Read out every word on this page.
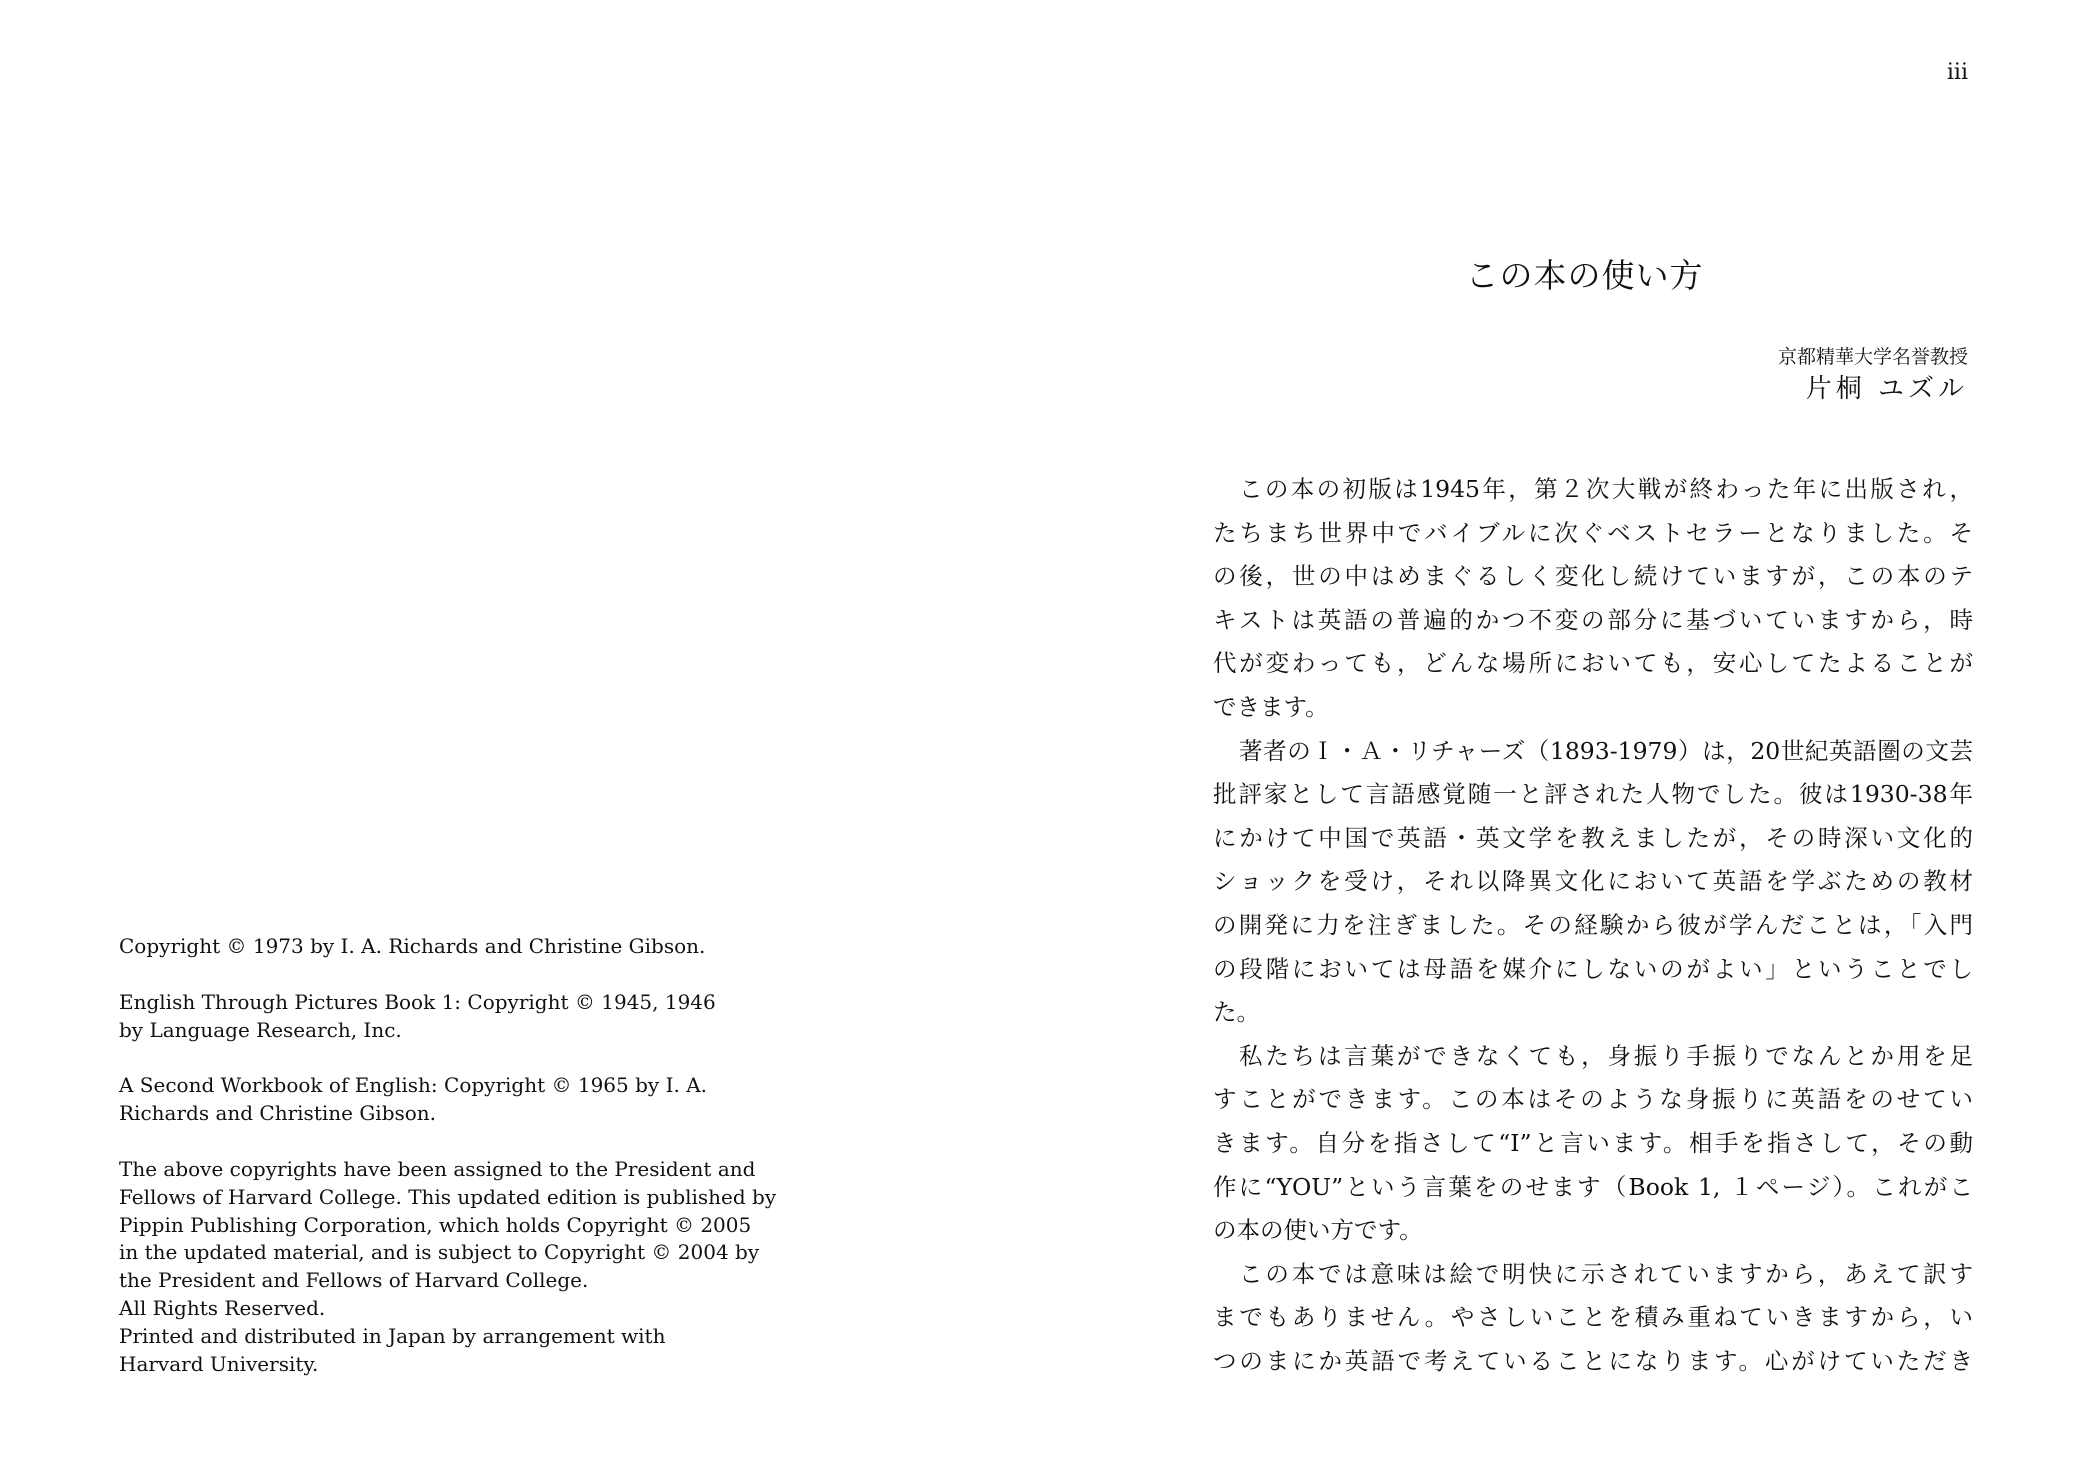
Copyright © 1973 by I. A. Richards and Christine Gibson.

English Through Pictures Book 1: Copyright © 1945, 1946
by Language Research, Inc.

A Second Workbook of English: Copyright © 1965 by I. A.
Richards and Christine Gibson.

The above copyrights have been assigned to the President and
Fellows of Harvard College. This updated edition is published by
Pippin Publishing Corporation, which holds Copyright © 2005
in the updated material, and is subject to Copyright © 2004 by
the President and Fellows of Harvard College.
All Rights Reserved.
Printed and distributed in Japan by arrangement with
Harvard University.

iii
この本の使い方
京都精華大学名誉教授
片桐 ユズル
この本の初版は1945年，第２次大戦が終わった年に出版され，
たちまち世界中でバイブルに次ぐベストセラーとなりました。そ
の後，世の中はめまぐるしく変化し続けていますが，この本のテ
キストは英語の普遍的かつ不変の部分に基づいていますから，時
代が変わっても，どんな場所においても，安心してたよることが
できます。
著者のＩ・Ａ・リチャーズ（1893-1979）は，20世紀英語圏の文芸
批評家として言語感覚随一と評された人物でした。彼は1930-38年
にかけて中国で英語・英文学を教えましたが，その時深い文化的
ショックを受け，それ以降異文化において英語を学ぶための教材
の開発に力を注ぎました。その経験から彼が学んだことは，「入門
の段階においては母語を媒介にしないのがよい」ということでし
た。
私たちは言葉ができなくても，身振り手振りでなんとか用を足
すことができます。この本はそのような身振りに英語をのせてい
きます。自分を指さして“I”と言います。相手を指さして，その動
作に“YOU”という言葉をのせます（Book 1, １ページ）。これがこ
の本の使い方です。
この本では意味は絵で明快に示されていますから，あえて訳す
までもありません。やさしいことを積み重ねていきますから，い
つのまにか英語で考えていることになります。心がけていただき
